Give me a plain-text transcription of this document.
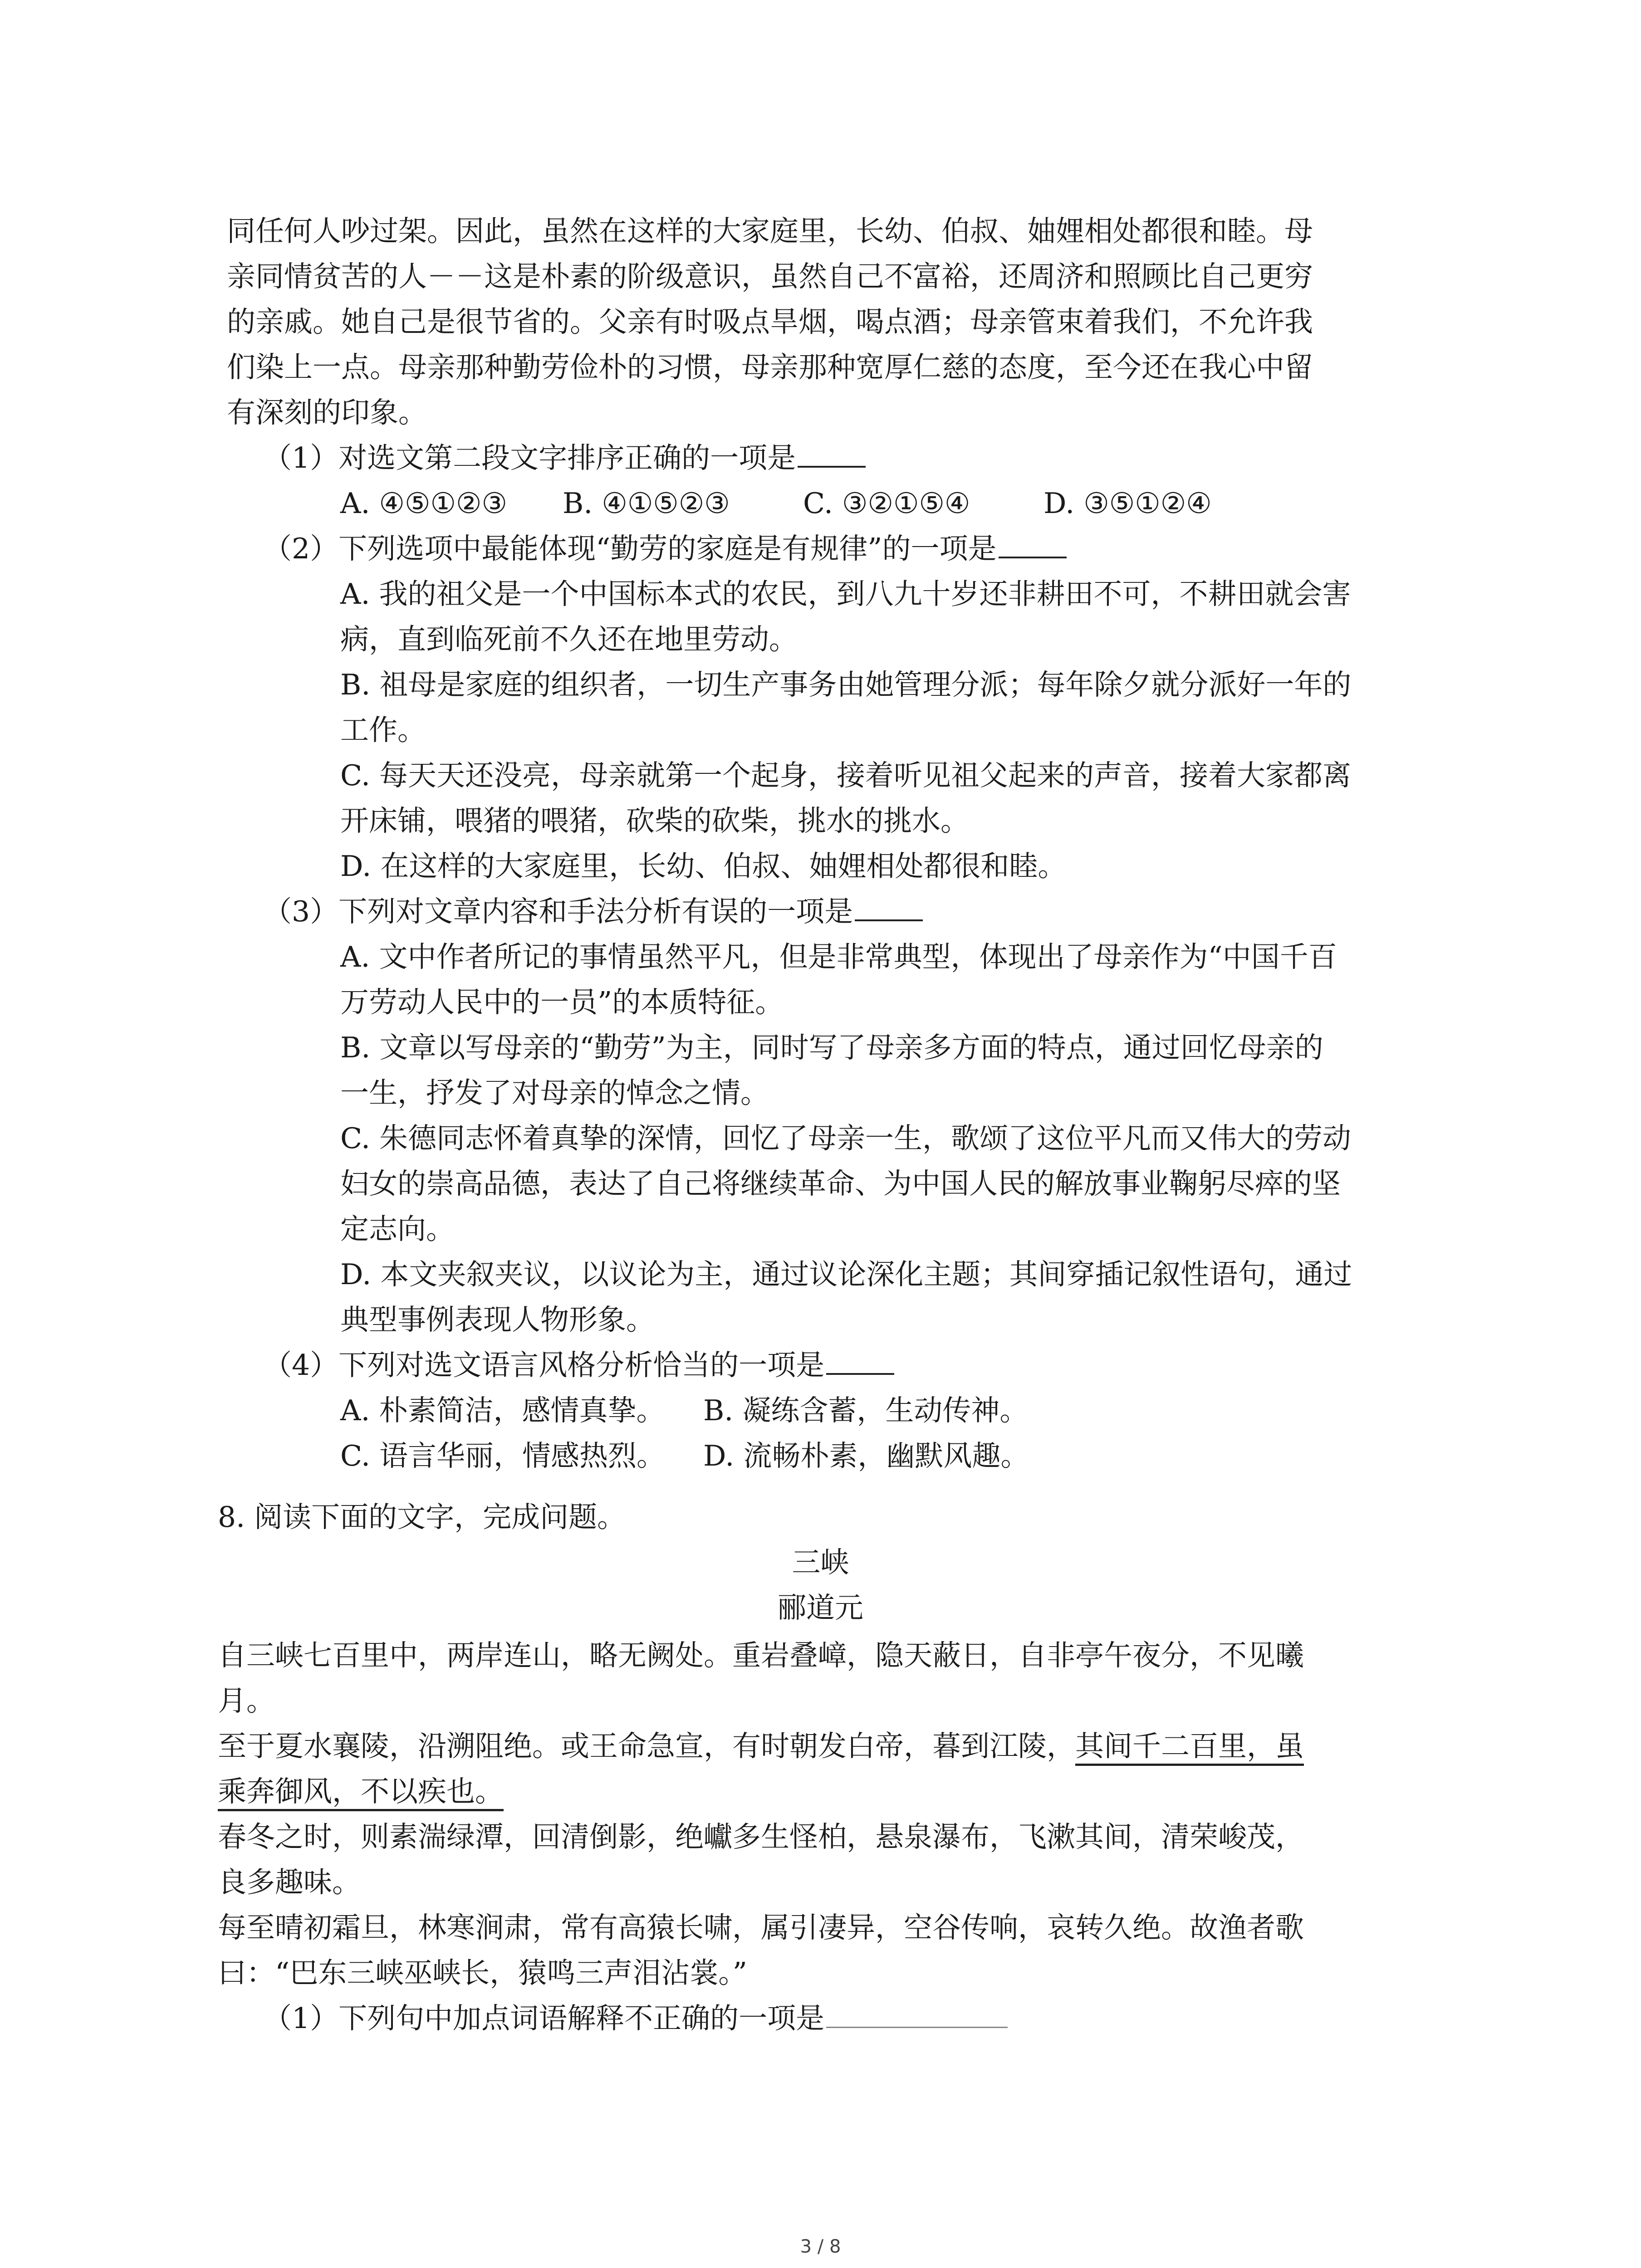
同任何人吵过架。因此，虽然在这样的大家庭里，长幼、伯叔、妯娌相处都很和睦。母
亲同情贫苦的人－－这是朴素的阶级意识，虽然自己不富裕，还周济和照顾比自己更穷
的亲戚。她自己是很节省的。父亲有时吸点旱烟，喝点酒；母亲管束着我们，不允许我
们染上一点。母亲那种勤劳俭朴的习惯，母亲那种宽厚仁慈的态度，至今还在我心中留
有深刻的印象。
（1）对选文第二段文字排序正确的一项是
A. ④⑤①②③ B. ④①⑤②③	C. ③②①⑤④	D. ③⑤①②④
（2）下列选项中最能体现“勤劳的家庭是有规律”的一项是
A. 我的祖父是一个中国标本式的农民，到八九十岁还非耕田不可，不耕田就会害
病，直到临死前不久还在地里劳动。
B. 祖母是家庭的组织者，一切生产事务由她管理分派；每年除夕就分派好一年的
工作。
C. 每天天还没亮，母亲就第一个起身，接着听见祖父起来的声音，接着大家都离
开床铺，喂猪的喂猪，砍柴的砍柴，挑水的挑水。
D. 在这样的大家庭里，长幼、伯叔、妯娌相处都很和睦。
（3）下列对文章内容和手法分析有误的一项是
A. 文中作者所记的事情虽然平凡，但是非常典型，体现出了母亲作为“中国千百
万劳动人民中的一员”的本质特征。
B. 文章以写母亲的“勤劳”为主，同时写了母亲多方面的特点，通过回忆母亲的
一生，抒发了对母亲的悼念之情。
C. 朱德同志怀着真挚的深情，回忆了母亲一生，歌颂了这位平凡而又伟大的劳动
妇女的崇高品德，表达了自己将继续革命、为中国人民的解放事业鞠躬尽瘁的坚
定志向。
D. 本文夹叙夹议，以议论为主，通过议论深化主题；其间穿插记叙性语句，通过
典型事例表现人物形象。
（4）下列对选文语言风格分析恰当的一项是
A. 朴素简洁，感情真挚。 B. 凝练含蓄，生动传神。
C. 语言华丽，情感热烈。 D. 流畅朴素，幽默风趣。
8. 阅读下面的文字，完成问题。
三峡
郦道元
自三峡七百里中，两岸连山，略无阙处。重岩叠嶂，隐天蔽日，自非亭午夜分，不见曦
月。
至于夏水襄陵，沿溯阻绝。或王命急宣，有时朝发白帝，暮到江陵，其间千二百里，虽
乘奔御风，不以疾也。
春冬之时，则素湍绿潭，回清倒影，绝巘多生怪柏，悬泉瀑布，飞漱其间，清荣峻茂，
良多趣味。
每至晴初霜旦，林寒涧肃，常有高猿长啸，属引凄异，空谷传响，哀转久绝。故渔者歌
曰：“巴东三峡巫峡长，猿鸣三声泪沾裳。”
（1）下列句中加点词语解释不正确的一项是
3 / 8
